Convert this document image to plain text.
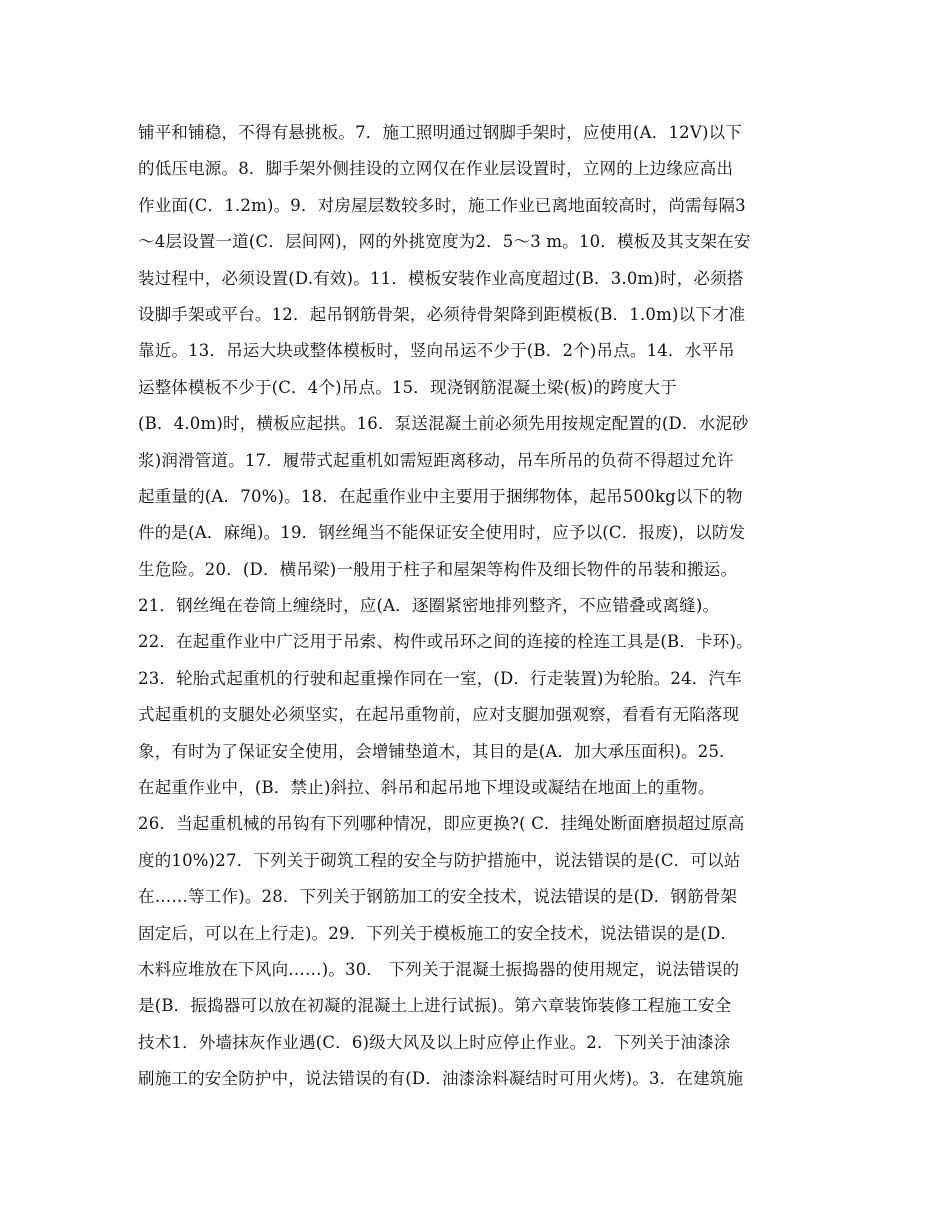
铺平和铺稳，不得有悬挑板。7．施工照明通过钢脚手架时，应使用(A．12V)以下
的低压电源。8．脚手架外侧挂设的立网仅在作业层设置时，立网的上边缘应高出
作业面(C．1.2m)。9．对房屋层数较多时，施工作业已离地面较高时，尚需每隔3
～4层设置一道(C．层间网)，网的外挑宽度为2．5～3 m。10．模板及其支架在安
装过程中，必须设置(D.有效)。11．模板安装作业高度超过(B．3.0m)时，必须搭
设脚手架或平台。12．起吊钢筋骨架，必须待骨架降到距模板(B．1.0m)以下才准
靠近。13．吊运大块或整体模板时，竖向吊运不少于(B．2个)吊点。14．水平吊
运整体模板不少于(C．4个)吊点。15．现浇钢筋混凝土梁(板)的跨度大于
(B．4.0m)时，横板应起拱。16．泵送混凝土前必须先用按规定配置的(D．水泥砂
浆)润滑管道。17．履带式起重机如需短距离移动，吊车所吊的负荷不得超过允许
起重量的(A．70%)。18．在起重作业中主要用于捆绑物体，起吊500kg以下的物
件的是(A．麻绳)。19．钢丝绳当不能保证安全使用时，应予以(C．报废)，以防发
生危险。20．(D．横吊梁)一般用于柱子和屋架等构件及细长物件的吊装和搬运。
21．钢丝绳在卷筒上缠绕时，应(A．逐圈紧密地排列整齐，不应错叠或离缝)。
22．在起重作业中广泛用于吊索、构件或吊环之间的连接的栓连工具是(B．卡环)。
23．轮胎式起重机的行驶和起重操作同在一室，(D．行走装置)为轮胎。24．汽车
式起重机的支腿处必须坚实，在起吊重物前，应对支腿加强观察，看看有无陷落现
象，有时为了保证安全使用，会增铺垫道木，其目的是(A．加大承压面积)。25．
在起重作业中，(B．禁止)斜拉、斜吊和起吊地下埋设或凝结在地面上的重物。
26．当起重机械的吊钩有下列哪种情况，即应更换?( C．挂绳处断面磨损超过原高
度的10%)27．下列关于砌筑工程的安全与防护措施中，说法错误的是(C．可以站
在……等工作)。28．下列关于钢筋加工的安全技术，说法错误的是(D．钢筋骨架
固定后，可以在上行走)。29．下列关于模板施工的安全技术，说法错误的是(D．
木料应堆放在下风向……)。30． 下列关于混凝土振捣器的使用规定，说法错误的
是(B．振捣器可以放在初凝的混凝土上进行试振)。第六章装饰装修工程施工安全
技术1．外墙抹灰作业遇(C．6)级大风及以上时应停止作业。2．下列关于油漆涂
刷施工的安全防护中，说法错误的有(D．油漆涂料凝结时可用火烤)。3．在建筑施
